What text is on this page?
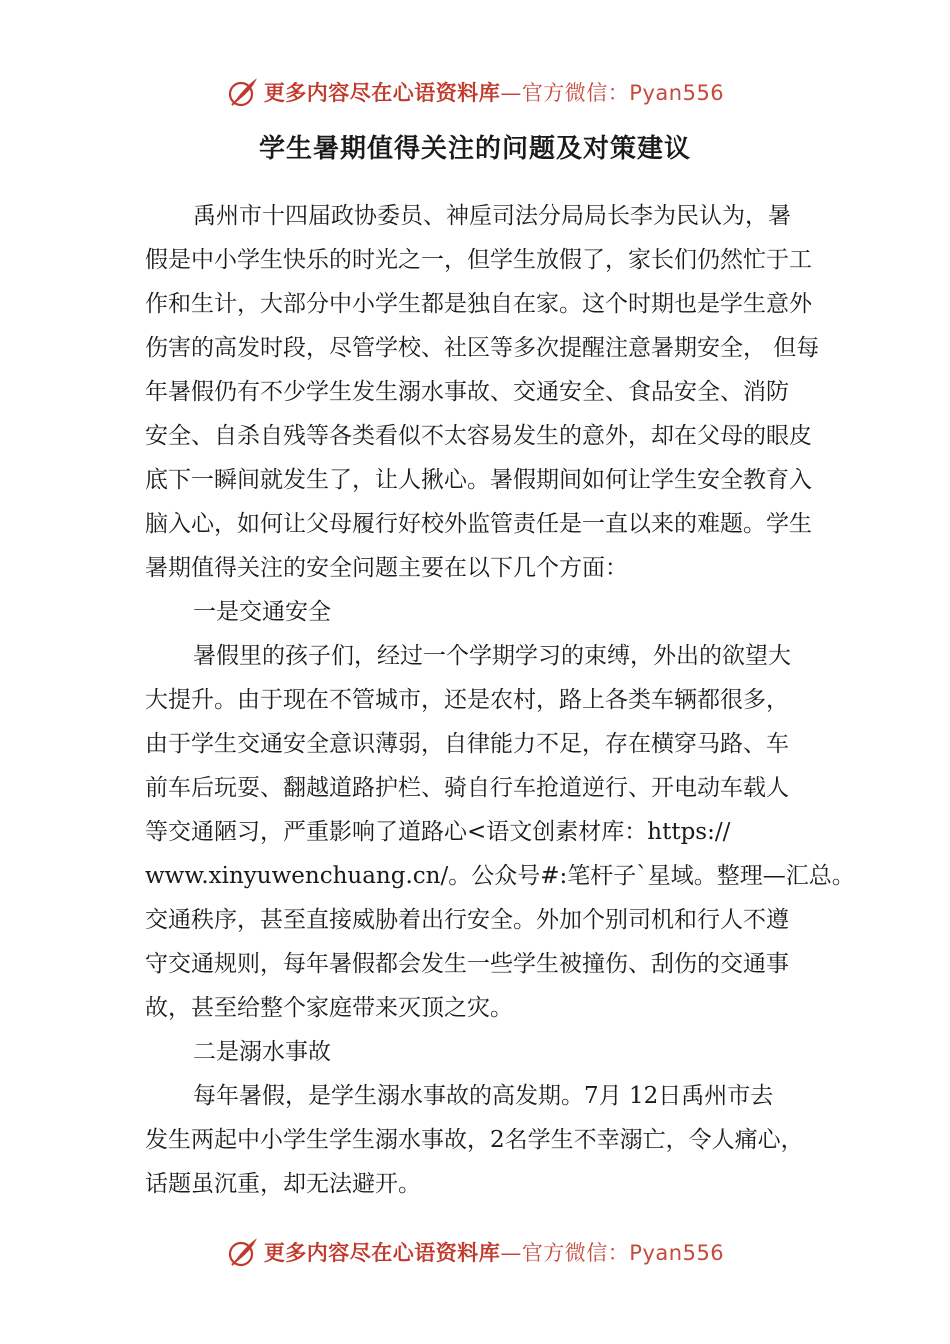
更多内容尽在心语资料库—官方微信：Pyan556
学生暑期值得关注的问题及对策建议
禹州市十四届政协委员、神垕司法分局局长李为民认为，暑
假是中小学生快乐的时光之一，但学生放假了，家长们仍然忙于工
作和生计，大部分中小学生都是独自在家。这个时期也是学生意外
伤害的高发时段，尽管学校、社区等多次提醒注意暑期安全， 但每
年暑假仍有不少学生发生溺水事故、交通安全、食品安全、消防
安全、自杀自残等各类看似不太容易发生的意外，却在父母的眼皮
底下一瞬间就发生了，让人揪心。暑假期间如何让学生安全教育入
脑入心，如何让父母履行好校外监管责任是一直以来的难题。学生
暑期值得关注的安全问题主要在以下几个方面：
一是交通安全
暑假里的孩子们，经过一个学期学习的束缚，外出的欲望大
大提升。由于现在不管城市，还是农村，路上各类车辆都很多，
由于学生交通安全意识薄弱，自律能力不足，存在横穿马路、车
前车后玩耍、翻越道路护栏、骑自行车抢道逆行、开电动车载人
等交通陋习，严重影响了道路心<语文创素材库：https://
www.xinyuwenchuang.cn/。公众号#:笔杆子`星域。整理—汇总。
交通秩序，甚至直接威胁着出行安全。外加个别司机和行人不遵
守交通规则，每年暑假都会发生一些学生被撞伤、刮伤的交通事
故，甚至给整个家庭带来灭顶之灾。
二是溺水事故
每年暑假，是学生溺水事故的高发期。7月 12日禹州市去
发生两起中小学生学生溺水事故，2名学生不幸溺亡，令人痛心，
话题虽沉重，却无法避开。
更多内容尽在心语资料库—官方微信：Pyan556
